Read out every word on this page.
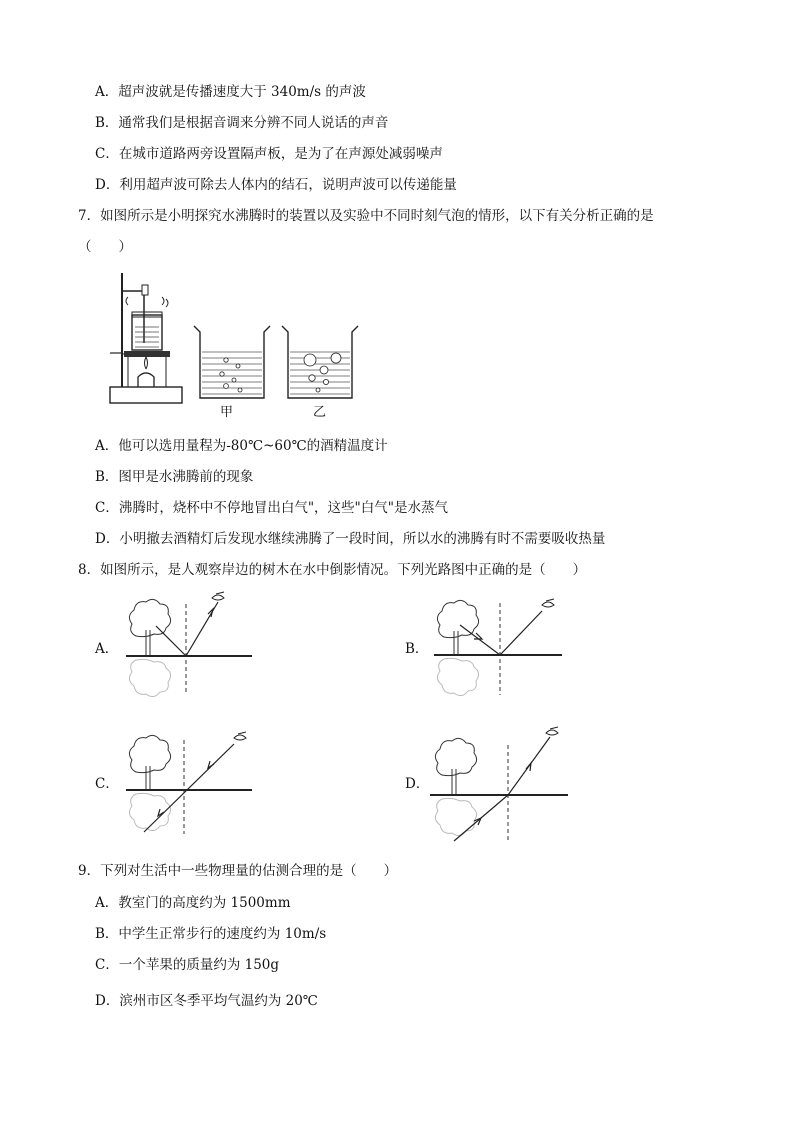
A．超声波就是传播速度大于 340m/s 的声波
B．通常我们是根据音调来分辨不同人说话的声音
C．在城市道路两旁设置隔声板，是为了在声源处减弱噪声
D．利用超声波可除去人体内的结石，说明声波可以传递能量
7．如图所示是小明探究水沸腾时的装置以及实验中不同时刻气泡的情形，以下有关分析正确的是
（　　）
甲	乙
A．他可以选用量程为-80℃~60℃的酒精温度计
B．图甲是水沸腾前的现象
C．沸腾时，烧杯中不停地冒出白气"，这些"白气"是水蒸气
D．小明撤去酒精灯后发现水继续沸腾了一段时间，所以水的沸腾有时不需要吸收热量
8．如图所示，是人观察岸边的树木在水中倒影情况。下列光路图中正确的是（　　）
A．	B．
C．	D．
9．下列对生活中一些物理量的估测合理的是（　　）
A．教室门的高度约为 1500mm
B．中学生正常步行的速度约为 10m/s
C．一个苹果的质量约为 150g
D．滨州市区冬季平均气温约为 20℃
